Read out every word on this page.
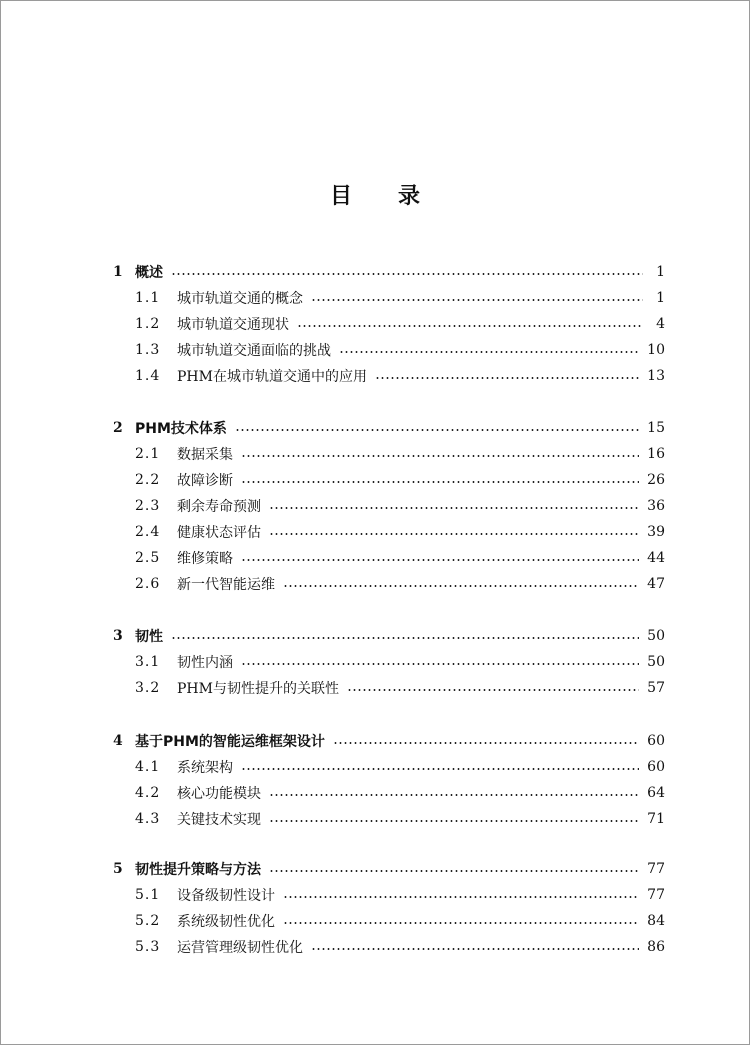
目录
1 概述	1
1.1	城市轨道交通的概念	1
1.2	城市轨道交通现状	4
1.3	城市轨道交通面临的挑战	10
1.4	PHM在城市轨道交通中的应用	13
2 PHM技术体系	15
2.1	数据采集	16
2.2	故障诊断	26
2.3	剩余寿命预测	36
2.4	健康状态评估	39
2.5	维修策略	44
2.6	新一代智能运维	47
3 韧性	50
3.1	韧性内涵	50
3.2	PHM与韧性提升的关联性	57
4 基于PHM的智能运维框架设计	60
4.1	系统架构	60
4.2	核心功能模块	64
4.3	关键技术实现	71
5 韧性提升策略与方法	77
5.1	设备级韧性设计	77
5.2	系统级韧性优化	84
5.3	运营管理级韧性优化	86
